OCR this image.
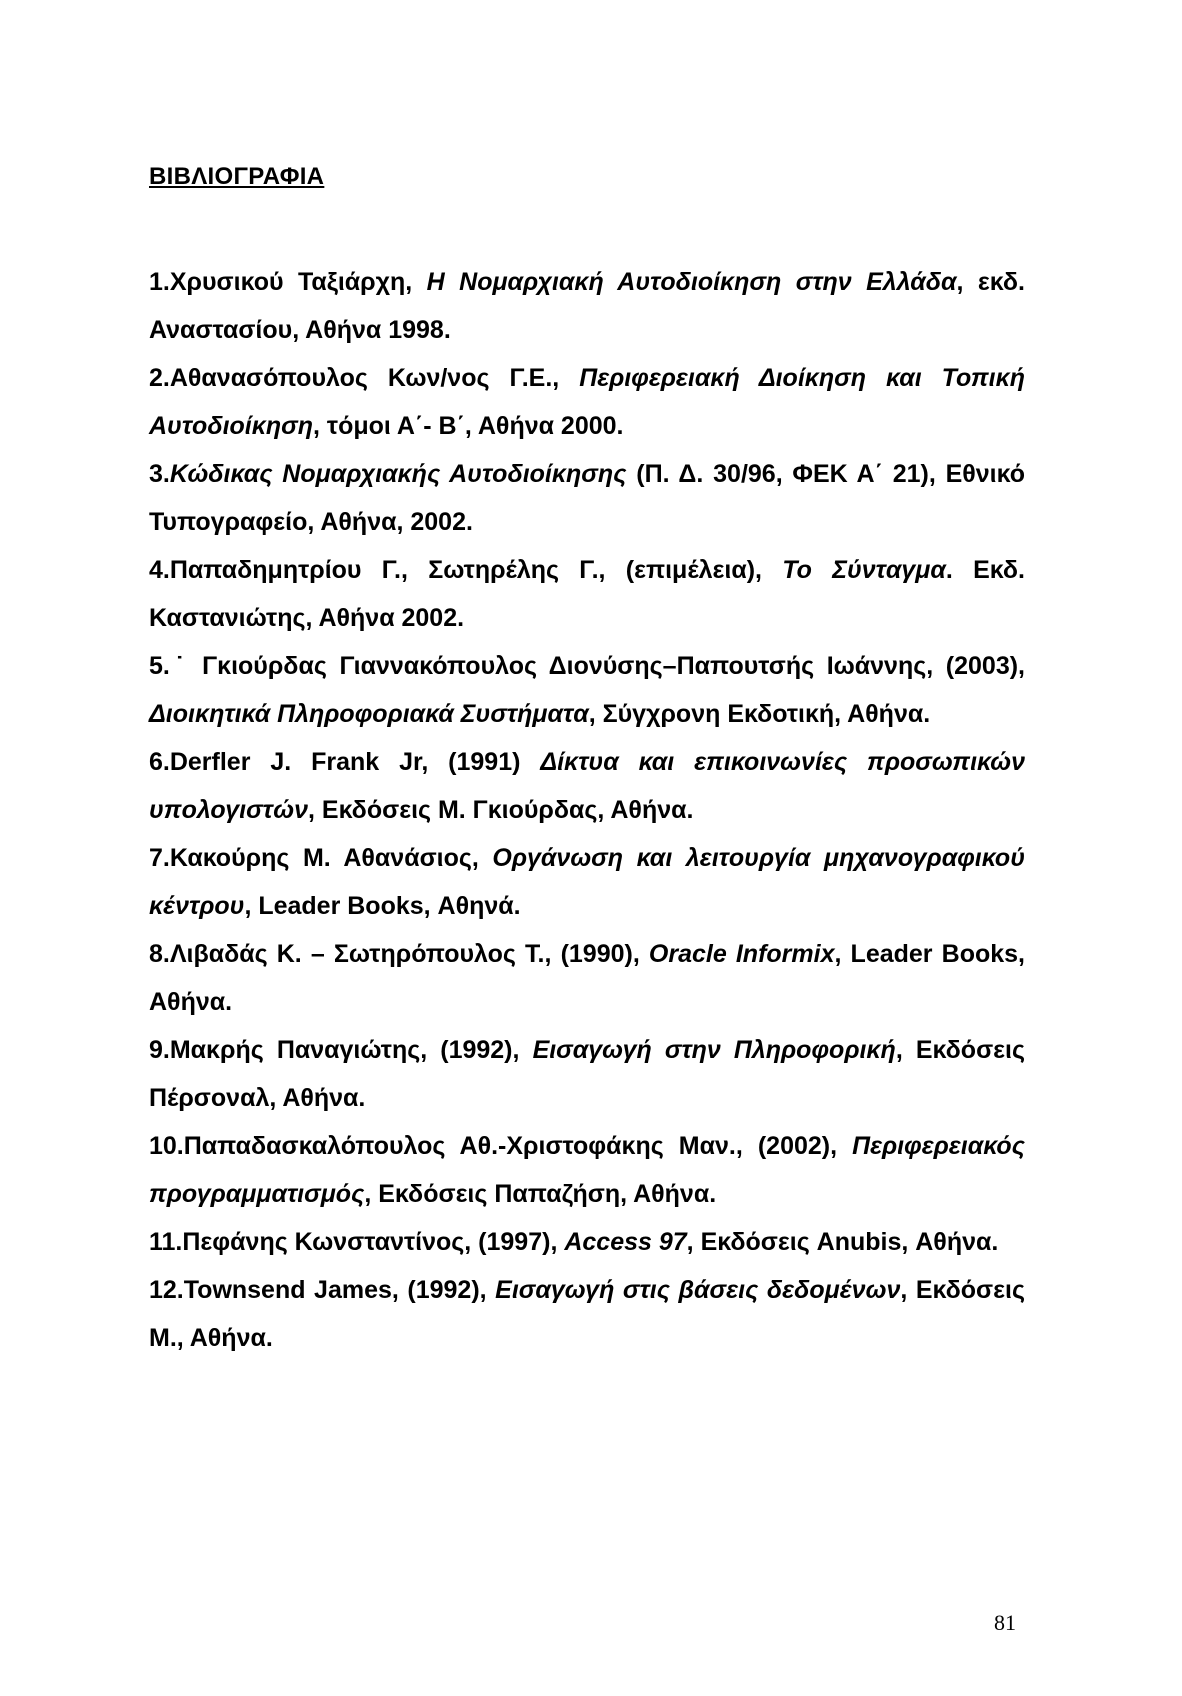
ΒΙΒΛΙΟΓΡΑΦΙΑ

1.Χρυσικού Ταξιάρχη, Η Νομαρχιακή Αυτοδιοίκηση στην Ελλάδα, εκδ. Αναστασίου, Αθήνα 1998.

2.Αθανασόπουλος Κων/νος Γ.Ε., Περιφερειακή Διοίκηση και Τοπική Αυτοδιοίκηση, τόμοι Α΄- Β΄, Αθήνα 2000.

3.Κώδικας Νομαρχιακής Αυτοδιοίκησης (Π. Δ. 30/96, ΦΕΚ Α΄ 21), Εθνικό Τυπογραφείο, Αθήνα, 2002.

4.Παπαδημητρίου Γ., Σωτηρέλης Γ., (επιμέλεια), Το Σύνταγμα. Εκδ. Καστανιώτης, Αθήνα 2002.

5.˙ Γκιούρδας Γιαννακόπουλος Διονύσης–Παπουτσής Ιωάννης, (2003), Διοικητικά Πληροφοριακά Συστήματα, Σύγχρονη Εκδοτική, Αθήνα.

6.Derfler J. Frank Jr, (1991) Δίκτυα και επικοινωνίες προσωπικών υπολογιστών, Εκδόσεις Μ. Γκιούρδας, Αθήνα.

7.Κακούρης Μ. Αθανάσιος, Οργάνωση και λειτουργία μηχανογραφικού κέντρου, Leader Books, Αθηνά.

8.Λιβαδάς Κ. – Σωτηρόπουλος Τ., (1990), Oracle Informix, Leader Books, Αθήνα.

9.Μακρής Παναγιώτης, (1992), Εισαγωγή στην Πληροφορική, Εκδόσεις Πέρσοναλ, Αθήνα.

10.Παπαδασκαλόπουλος Αθ.-Χριστοφάκης Μαν., (2002), Περιφερειακός προγραμματισμός, Εκδόσεις Παπαζήση, Αθήνα.

11.Πεφάνης Κωνσταντίνος, (1997), Access 97, Εκδόσεις Anubis, Αθήνα.

12.Townsend James, (1992), Εισαγωγή στις βάσεις δεδομένων, Εκδόσεις Μ., Αθήνα.

81
